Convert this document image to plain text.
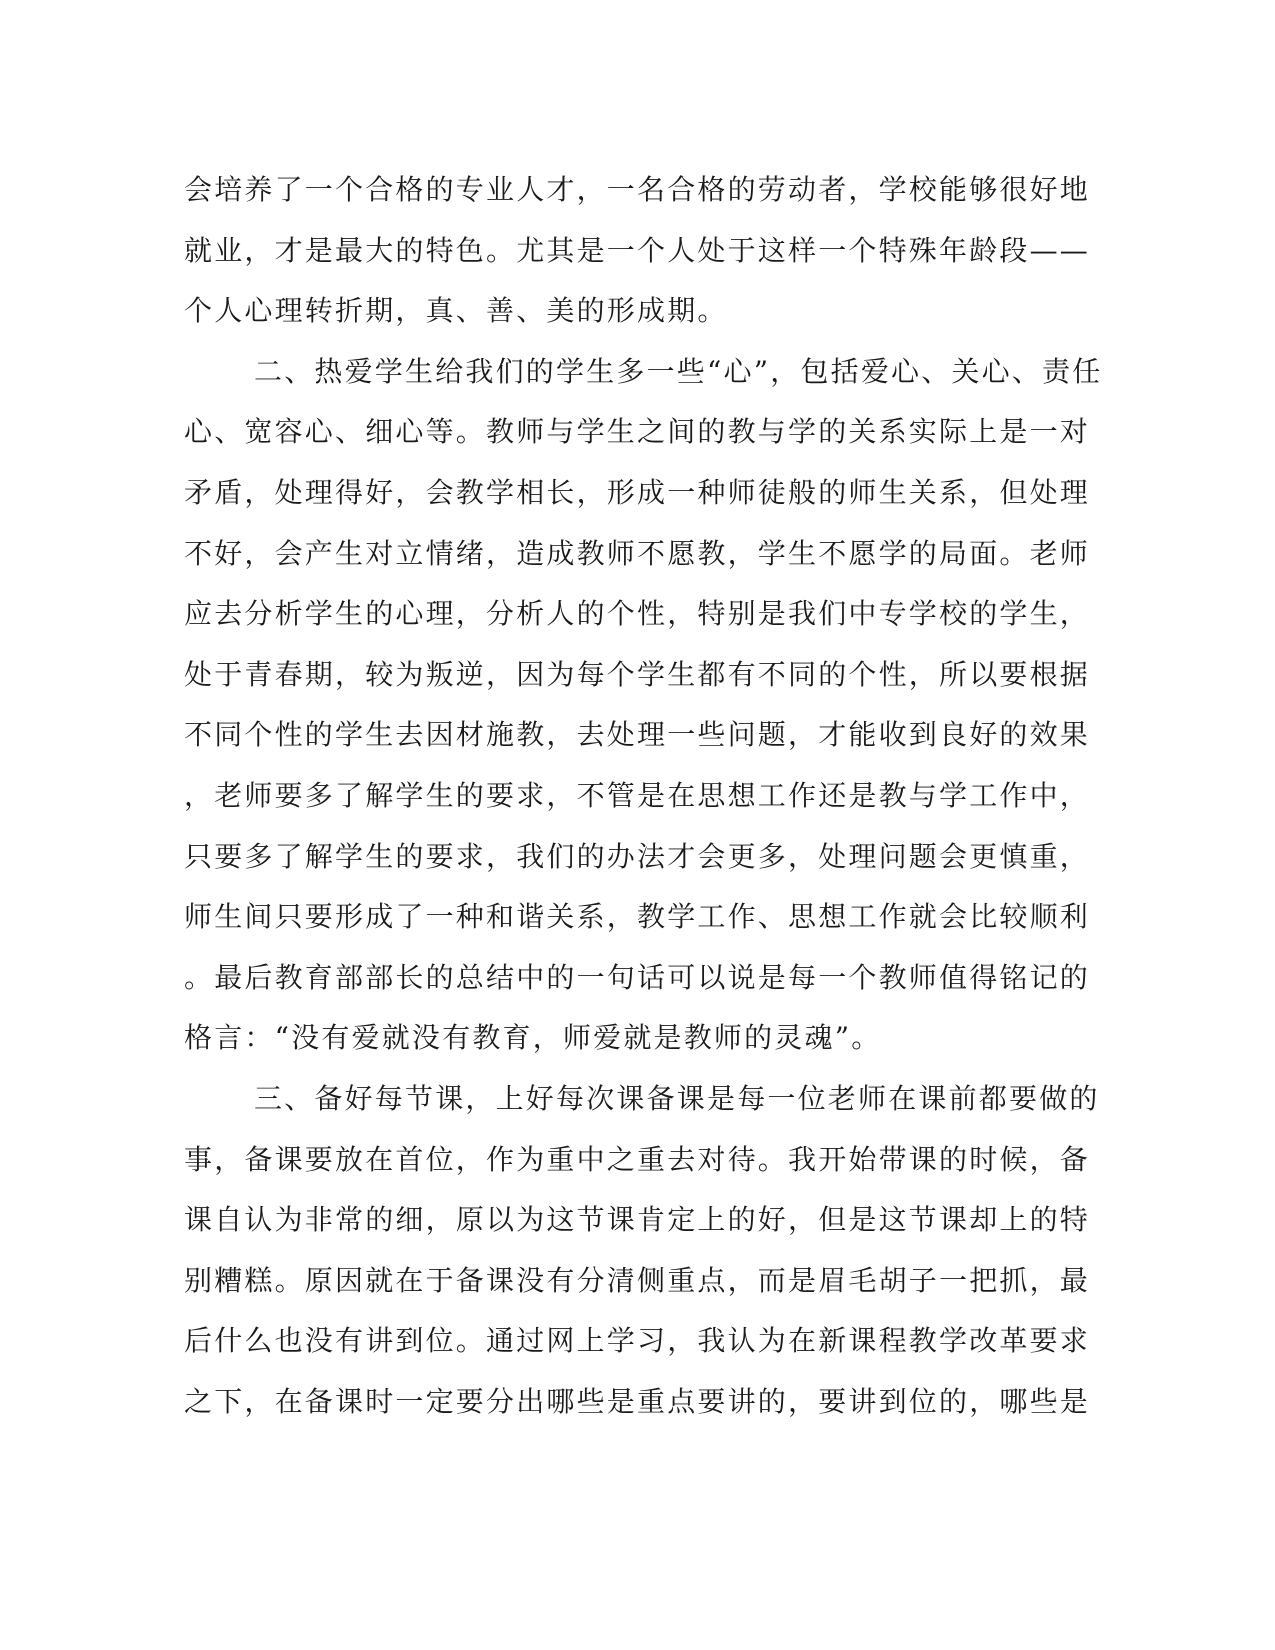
会培养了一个合格的专业人才，一名合格的劳动者，学校能够很好地
就业，才是最大的特色。尤其是一个人处于这样一个特殊年龄段——
个人心理转折期，真、善、美的形成期。
二、热爱学生给我们的学生多一些“心”，包括爱心、关心、责任
心、宽容心、细心等。教师与学生之间的教与学的关系实际上是一对
矛盾，处理得好，会教学相长，形成一种师徒般的师生关系，但处理
不好，会产生对立情绪，造成教师不愿教，学生不愿学的局面。老师
应去分析学生的心理，分析人的个性，特别是我们中专学校的学生，
处于青春期，较为叛逆，因为每个学生都有不同的个性，所以要根据
不同个性的学生去因材施教，去处理一些问题，才能收到良好的效果
，老师要多了解学生的要求，不管是在思想工作还是教与学工作中，
只要多了解学生的要求，我们的办法才会更多，处理问题会更慎重，
师生间只要形成了一种和谐关系，教学工作、思想工作就会比较顺利
。最后教育部部长的总结中的一句话可以说是每一个教师值得铭记的
格言：“没有爱就没有教育，师爱就是教师的灵魂”。
三、备好每节课，上好每次课备课是每一位老师在课前都要做的
事，备课要放在首位，作为重中之重去对待。我开始带课的时候，备
课自认为非常的细，原以为这节课肯定上的好，但是这节课却上的特
别糟糕。原因就在于备课没有分清侧重点，而是眉毛胡子一把抓，最
后什么也没有讲到位。通过网上学习，我认为在新课程教学改革要求
之下，在备课时一定要分出哪些是重点要讲的，要讲到位的，哪些是
